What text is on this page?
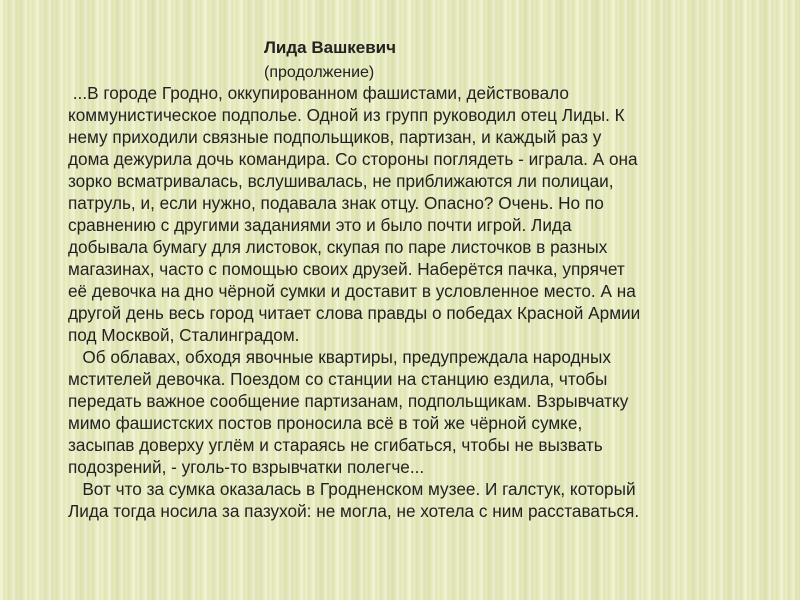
Лида Вашкевич

(продолжение)

...В городе Гродно, оккупированном фашистами, действовало
коммунистическое подполье. Одной из групп руководил отец Лиды. К
нему приходили связные подпольщиков, партизан, и каждый раз у
дома дежурила дочь командира. Со стороны поглядеть - играла. А она
зорко всматривалась, вслушивалась, не приближаются ли полицаи,
патруль, и, если нужно, подавала знак отцу. Опасно? Очень. Но по
сравнению с другими заданиями это и было почти игрой. Лида
добывала бумагу для листовок, скупая по паре листочков в разных
магазинах, часто с помощью своих друзей. Наберётся пачка, упрячет
её девочка на дно чёрной сумки и доставит в условленное место. А на
другой день весь город читает слова правды о победах Красной Армии
под Москвой, Сталинградом.

Об облавах, обходя явочные квартиры, предупреждала народных
мстителей девочка. Поездом со станции на станцию ездила, чтобы
передать важное сообщение партизанам, подпольщикам. Взрывчатку
мимо фашистских постов проносила всё в той же чёрной сумке,
засыпав доверху углём и стараясь не сгибаться, чтобы не вызвать
подозрений, - уголь-то взрывчатки полегче...

Вот что за сумка оказалась в Гродненском музее. И галстук, который
Лида тогда носила за пазухой: не могла, не хотела с ним расставаться.
